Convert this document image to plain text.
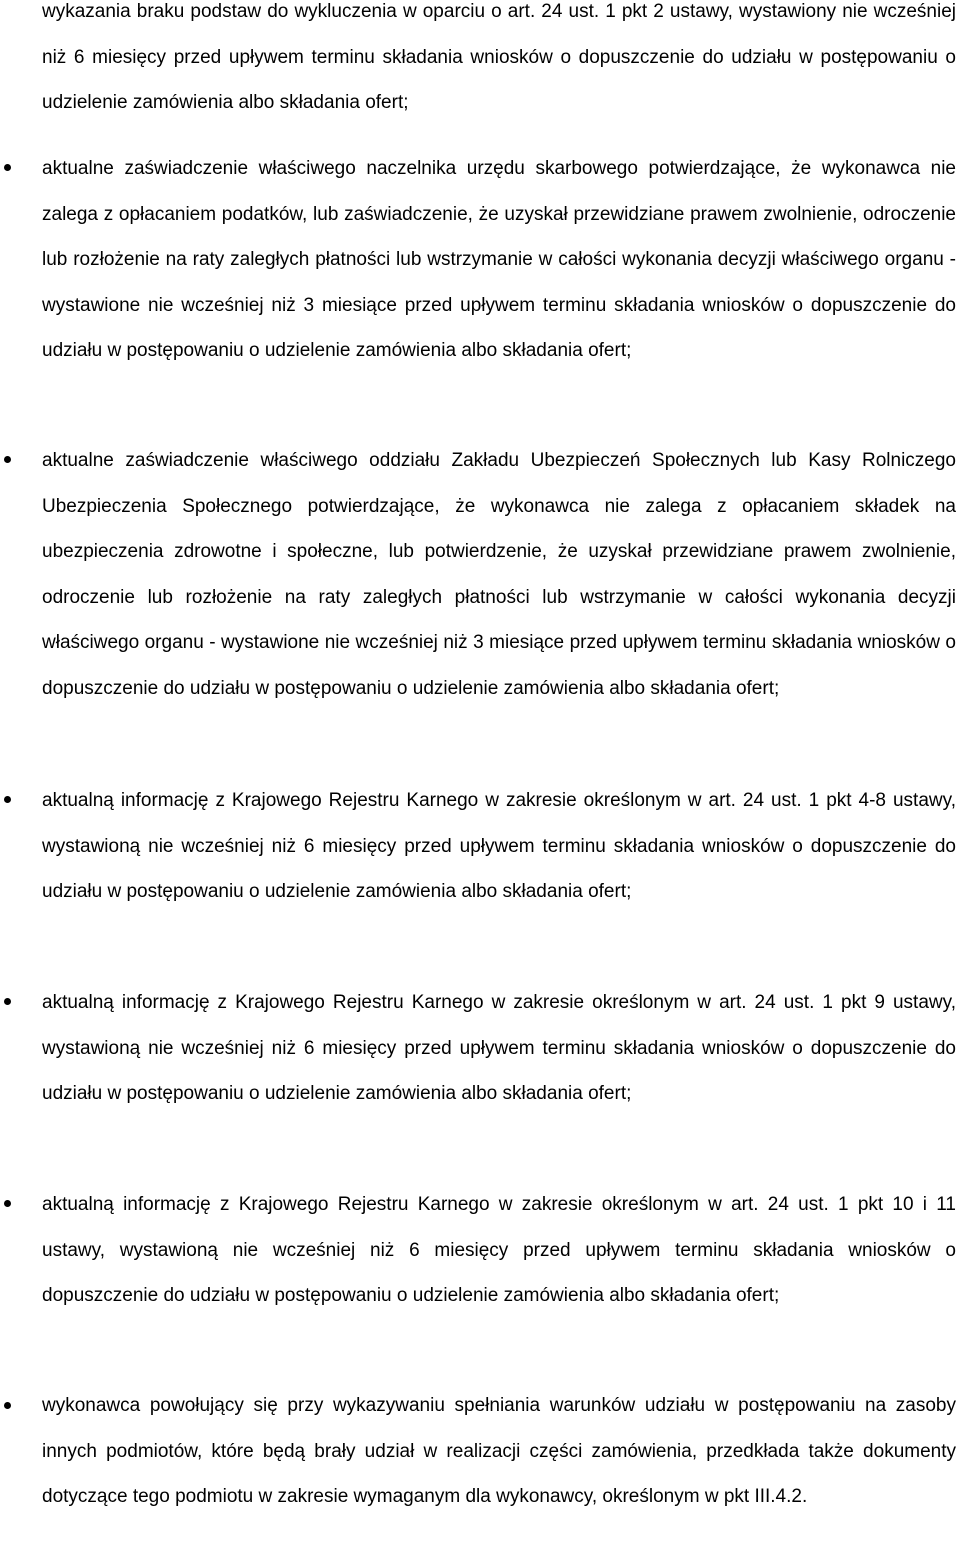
wykazania braku podstaw do wykluczenia w oparciu o art. 24 ust. 1 pkt 2 ustawy, wystawiony nie wcześniej niż 6 miesięcy przed upływem terminu składania wniosków o dopuszczenie do udziału w postępowaniu o udzielenie zamówienia albo składania ofert;

aktualne zaświadczenie właściwego naczelnika urzędu skarbowego potwierdzające, że wykonawca nie zalega z opłacaniem podatków, lub zaświadczenie, że uzyskał przewidziane prawem zwolnienie, odroczenie lub rozłożenie na raty zaległych płatności lub wstrzymanie w całości wykonania decyzji właściwego organu - wystawione nie wcześniej niż 3 miesiące przed upływem terminu składania wniosków o dopuszczenie do udziału w postępowaniu o udzielenie zamówienia albo składania ofert;

aktualne zaświadczenie właściwego oddziału Zakładu Ubezpieczeń Społecznych lub Kasy Rolniczego Ubezpieczenia Społecznego potwierdzające, że wykonawca nie zalega z opłacaniem składek na ubezpieczenia zdrowotne i społeczne, lub potwierdzenie, że uzyskał przewidziane prawem zwolnienie, odroczenie lub rozłożenie na raty zaległych płatności lub wstrzymanie w całości wykonania decyzji właściwego organu - wystawione nie wcześniej niż 3 miesiące przed upływem terminu składania wniosków o dopuszczenie do udziału w postępowaniu o udzielenie zamówienia albo składania ofert;

aktualną informację z Krajowego Rejestru Karnego w zakresie określonym w art. 24 ust. 1 pkt 4-8 ustawy, wystawioną nie wcześniej niż 6 miesięcy przed upływem terminu składania wniosków o dopuszczenie do udziału w postępowaniu o udzielenie zamówienia albo składania ofert;

aktualną informację z Krajowego Rejestru Karnego w zakresie określonym w art. 24 ust. 1 pkt 9 ustawy, wystawioną nie wcześniej niż 6 miesięcy przed upływem terminu składania wniosków o dopuszczenie do udziału w postępowaniu o udzielenie zamówienia albo składania ofert;

aktualną informację z Krajowego Rejestru Karnego w zakresie określonym w art. 24 ust. 1 pkt 10 i 11 ustawy, wystawioną nie wcześniej niż 6 miesięcy przed upływem terminu składania wniosków o dopuszczenie do udziału w postępowaniu o udzielenie zamówienia albo składania ofert;

wykonawca powołujący się przy wykazywaniu spełniania warunków udziału w postępowaniu na zasoby innych podmiotów, które będą brały udział w realizacji części zamówienia, przedkłada także dokumenty dotyczące tego podmiotu w zakresie wymaganym dla wykonawcy, określonym w pkt III.4.2.
